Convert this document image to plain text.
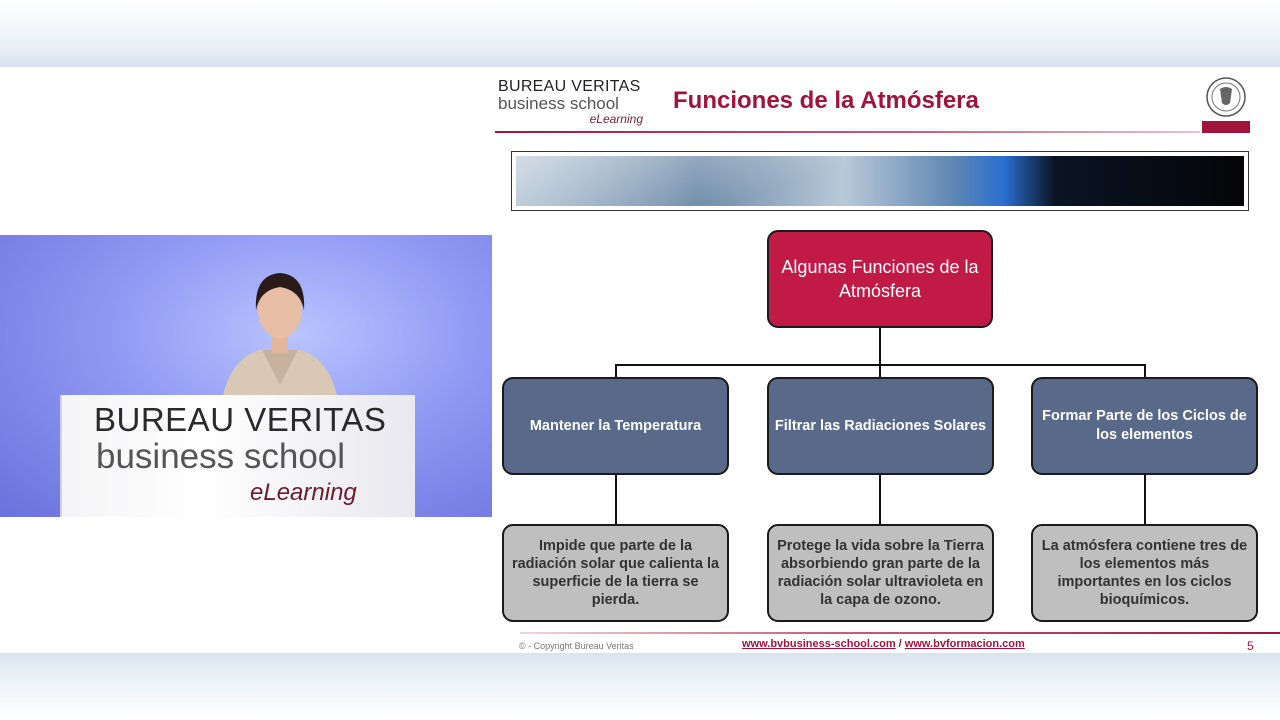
BUREAU VERITAS
business school
eLearning
BUREAU VERITAS
business school
eLearning
Funciones de la Atmósfera
Algunas Funciones de la Atmósfera
Mantener la Temperatura	Filtrar las Radiaciones Solares
Formar Parte de los Ciclos de los elementos
Impide que parte de la radiación solar que calienta la superficie de la tierra se pierda.
Protege la vida sobre la Tierra absorbiendo gran parte de la radiación solar ultravioleta en la capa de ozono.
La atmósfera contiene tres de los elementos más importantes en los ciclos bioquímicos.
© - Copyright Bureau Veritas	www.bvbusiness-school.com / www.bvformacion.com	5
